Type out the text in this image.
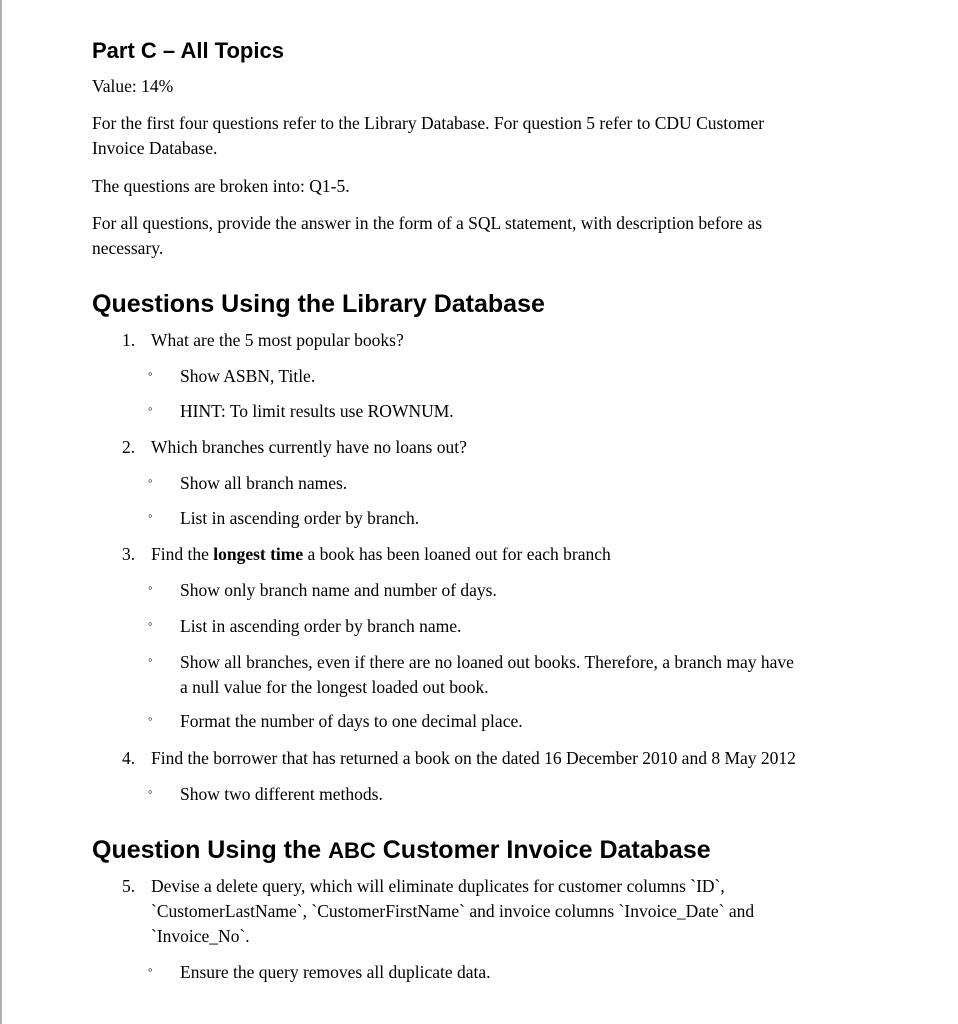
Part C – All Topics
Value: 14%
For the first four questions refer to the Library Database. For question 5 refer to CDU Customer
Invoice Database.
The questions are broken into: Q1-5.
For all questions, provide the answer in the form of a SQL statement, with description before as
necessary.
Questions Using the Library Database
1. What are the 5 most popular books?
◦ Show ASBN, Title.
◦ HINT: To limit results use ROWNUM.
2. Which branches currently have no loans out?
◦ Show all branch names.
◦ List in ascending order by branch.
3. Find the longest time a book has been loaned out for each branch
◦ Show only branch name and number of days.
◦ List in ascending order by branch name.
◦ Show all branches, even if there are no loaned out books. Therefore, a branch may have
a null value for the longest loaded out book.
◦ Format the number of days to one decimal place.
4. Find the borrower that has returned a book on the dated 16 December 2010 and 8 May 2012
◦ Show two different methods.
Question Using the ABC Customer Invoice Database
5. Devise a delete query, which will eliminate duplicates for customer columns `ID`,
`CustomerLastName`, `CustomerFirstName` and invoice columns `Invoice_Date` and
`Invoice_No`.
◦ Ensure the query removes all duplicate data.
